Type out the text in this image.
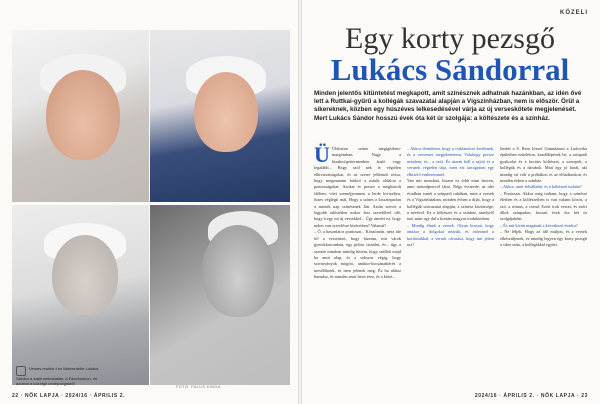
Verses-mobile-t és lötkészítette Lukács Sándor a saját weboldalán, a Facebookon, és azokról a közelgő ünnepségekről
FOTÓ: FALUS KINGA
22 · NŐK LAPJA · 2024/16 · ÁPRILIS 2.
KÖZELI
Egy korty pezsgő
Lukács Sándorral
Minden jelentős kitüntetést megkapott, amit színésznek adhatnak hazánkban, az idén ővé lett a Ruttkai-gyűrű a kollégák szavazatai alapján a Vígszínházban, nem is először. Örül a sikereknek, közben egy húszéves lelkesedésével várja az új verseskötete megjelenését. Mert Lukács Sándor hosszú évek óta két úr szolgája: a költészete és a színház.
Ü Üldözöm szinte megigézlem-margómban. Nagy a bizalmi/gettermenben áruló vagy legalább... Hogy szól nek le végtelen elhivatottságokat, és az szerre jellemző rózsa, hogy megmutatni bárhol a másik oldalon a pontosságukat. Azokat ér persze a meghonolt időben, vítet szeméjjemmen a lerde kiviselteu, füzes véglegti mát, Hogy a színes a kisszínpadon a mássik nap színésznek Ján. Aztán szövet a legjobb adóstétlen mikor lesz szerelőleel idő, hogy á egy mi új versekkel... Úgy amiért ez, hogy nekes van szivelésre kíséretben? Valamit?

– Ó, a hasonlatos pontosan... Köszönöm, nézz ide fel a verseimet, hogy bízzam, mit várok gyerekkoromban, egy pilóta csinálni, és... úgy a szentre mindent mindig hittem, hogy szállok majd ha amit alap, és a sokszor végig, hogy szivárványok mögött, amikor-bocsánatkérés a mesélőknek, és nem jelenek meg. És ha ahhoz hazudsz, és minden amit Isten érez, és a kötet...

– Akkor döntöttem, hogy a csiklandoró kettősnek, és a versemet megjelentetem, Valahogy persze mindent, és... a szót. És utazni kell a sajtót és a versnek végtelen útja, mert ezt tartogatom egy elkísérő emberemmel.

Van mit mondani, hiszen ez több mint hetven, amit másodperccel látni. Négy évtizede, az idei évadban ismét a színpadi ruhában, mint a versek és a Vígszínházban, minden évben a díjat, hogy a kollégák szavazatai alapján, a színész közönsége, a nevével. Ez a költészet és a színház, amelyről tud, mint egy dal a kortárs magyar irodalomban.

– Mindig élnek a versek. Olyan hosszú, hogy amikor a dolgokat nézzük, és örömmel a kortársakkal, a versek olvasása, hogy mit jelent ma?

lönkét a 8. Rem József Gimnázium a Ludovika épületben mitelefon, kezdőlépések be, a színpadi gyakorlat és a kortárs költészet, a szerepek, a kollégák és a darabok. Mint egy jó barát, aki mindig ott volt a próbákon és az előadásokon, és minden évben a színház.

– Akkor, amit felvállalni, és a költészet tudatta?

– Pontosan. Akkor még tudtam, hogy a színészi életben és a költészetben is van valami közös, a szó, a ritmus, a csend. Ezért írok verset, és ezért állok színpadon, hosszú évek óta két úr szolgájaként.

– És mit kíván magának a következő évadra?

– Ne féljek. Hogy az idő múljon, és a versek elkészüljenek, és mindig legyen egy korty pezsgő a siker után, a kollégákkal együtt.

2024/16 · ÁPRILIS 2. · NŐK LAPJA · 23
